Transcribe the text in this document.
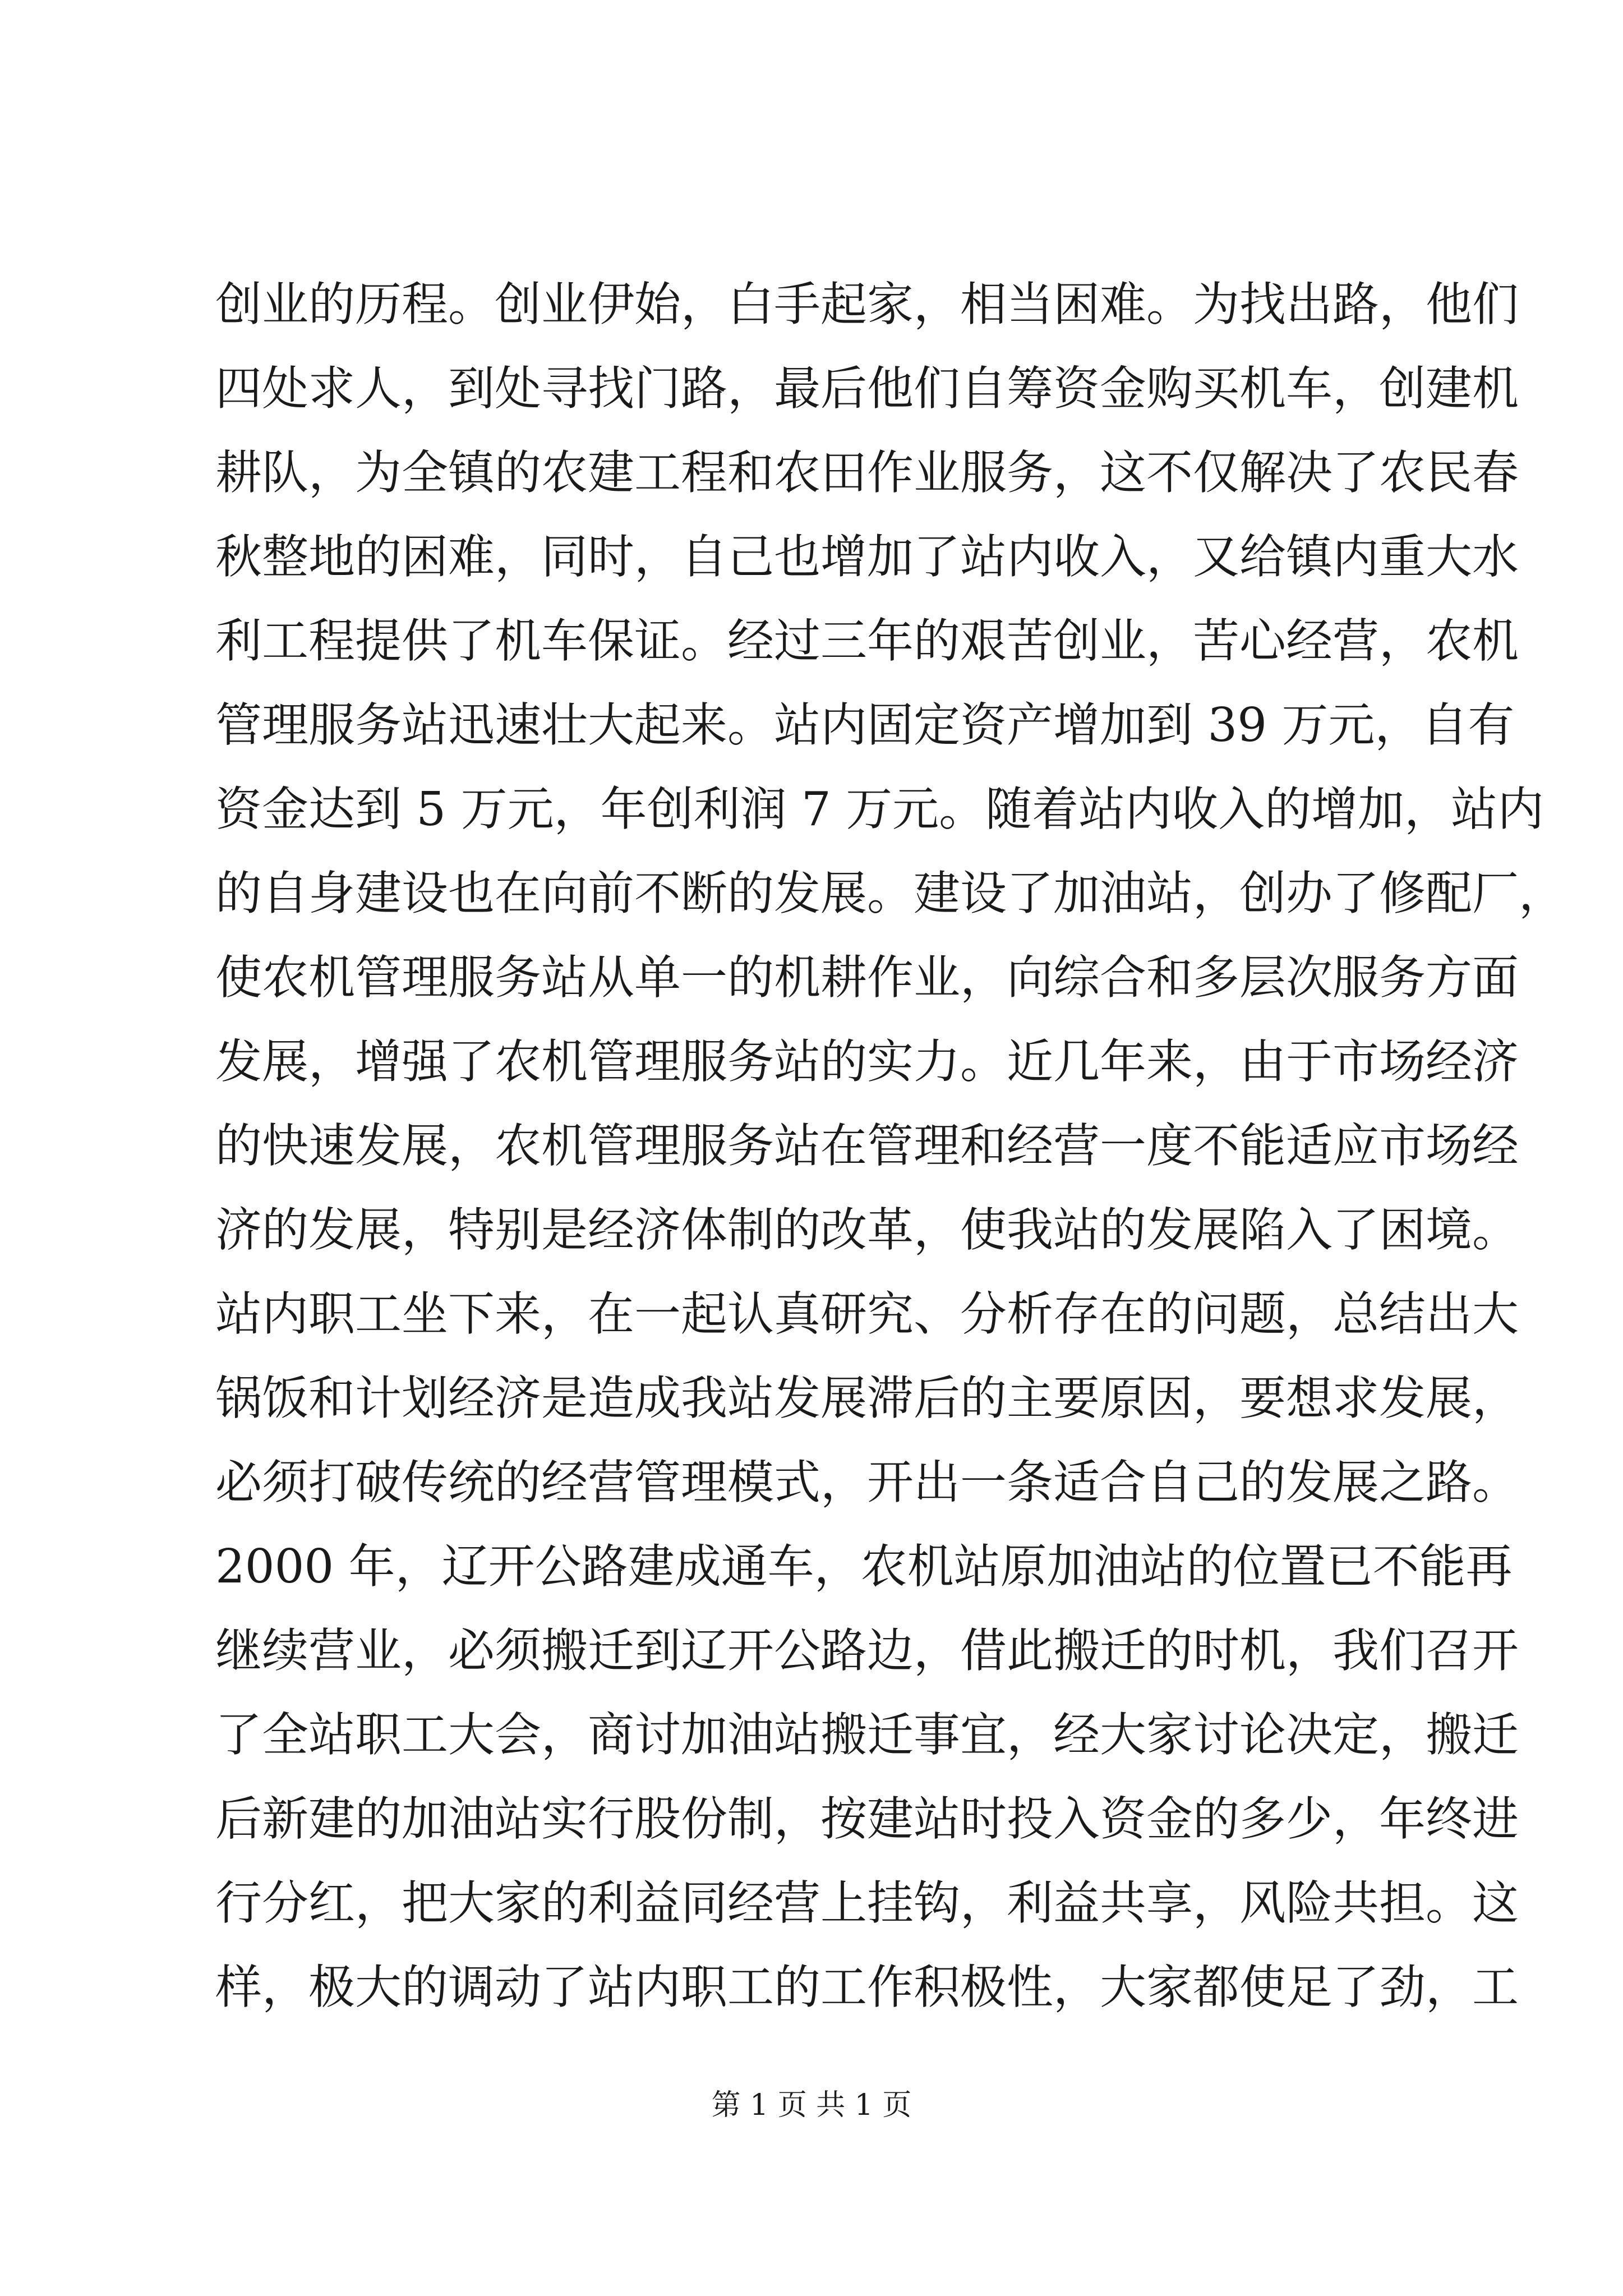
创业的历程。创业伊始，白手起家，相当困难。为找出路，他们
四处求人，到处寻找门路，最后他们自筹资金购买机车，创建机
耕队，为全镇的农建工程和农田作业服务，这不仅解决了农民春
秋整地的困难，同时，自己也增加了站内收入，又给镇内重大水
利工程提供了机车保证。经过三年的艰苦创业，苦心经营，农机
管理服务站迅速壮大起来。站内固定资产增加到 39 万元，自有
资金达到 5 万元，年创利润 7 万元。随着站内收入的增加，站内
的自身建设也在向前不断的发展。建设了加油站，创办了修配厂，
使农机管理服务站从单一的机耕作业，向综合和多层次服务方面
发展，增强了农机管理服务站的实力。近几年来，由于市场经济
的快速发展，农机管理服务站在管理和经营一度不能适应市场经
济的发展，特别是经济体制的改革，使我站的发展陷入了困境。
站内职工坐下来，在一起认真研究、分析存在的问题，总结出大
锅饭和计划经济是造成我站发展滞后的主要原因，要想求发展，
必须打破传统的经营管理模式，开出一条适合自己的发展之路。
2000 年，辽开公路建成通车，农机站原加油站的位置已不能再
继续营业，必须搬迁到辽开公路边，借此搬迁的时机，我们召开
了全站职工大会，商讨加油站搬迁事宜，经大家讨论决定，搬迁
后新建的加油站实行股份制，按建站时投入资金的多少，年终进
行分红，把大家的利益同经营上挂钩，利益共享，风险共担。这
样，极大的调动了站内职工的工作积极性，大家都使足了劲，工
第 1 页 共 1 页
